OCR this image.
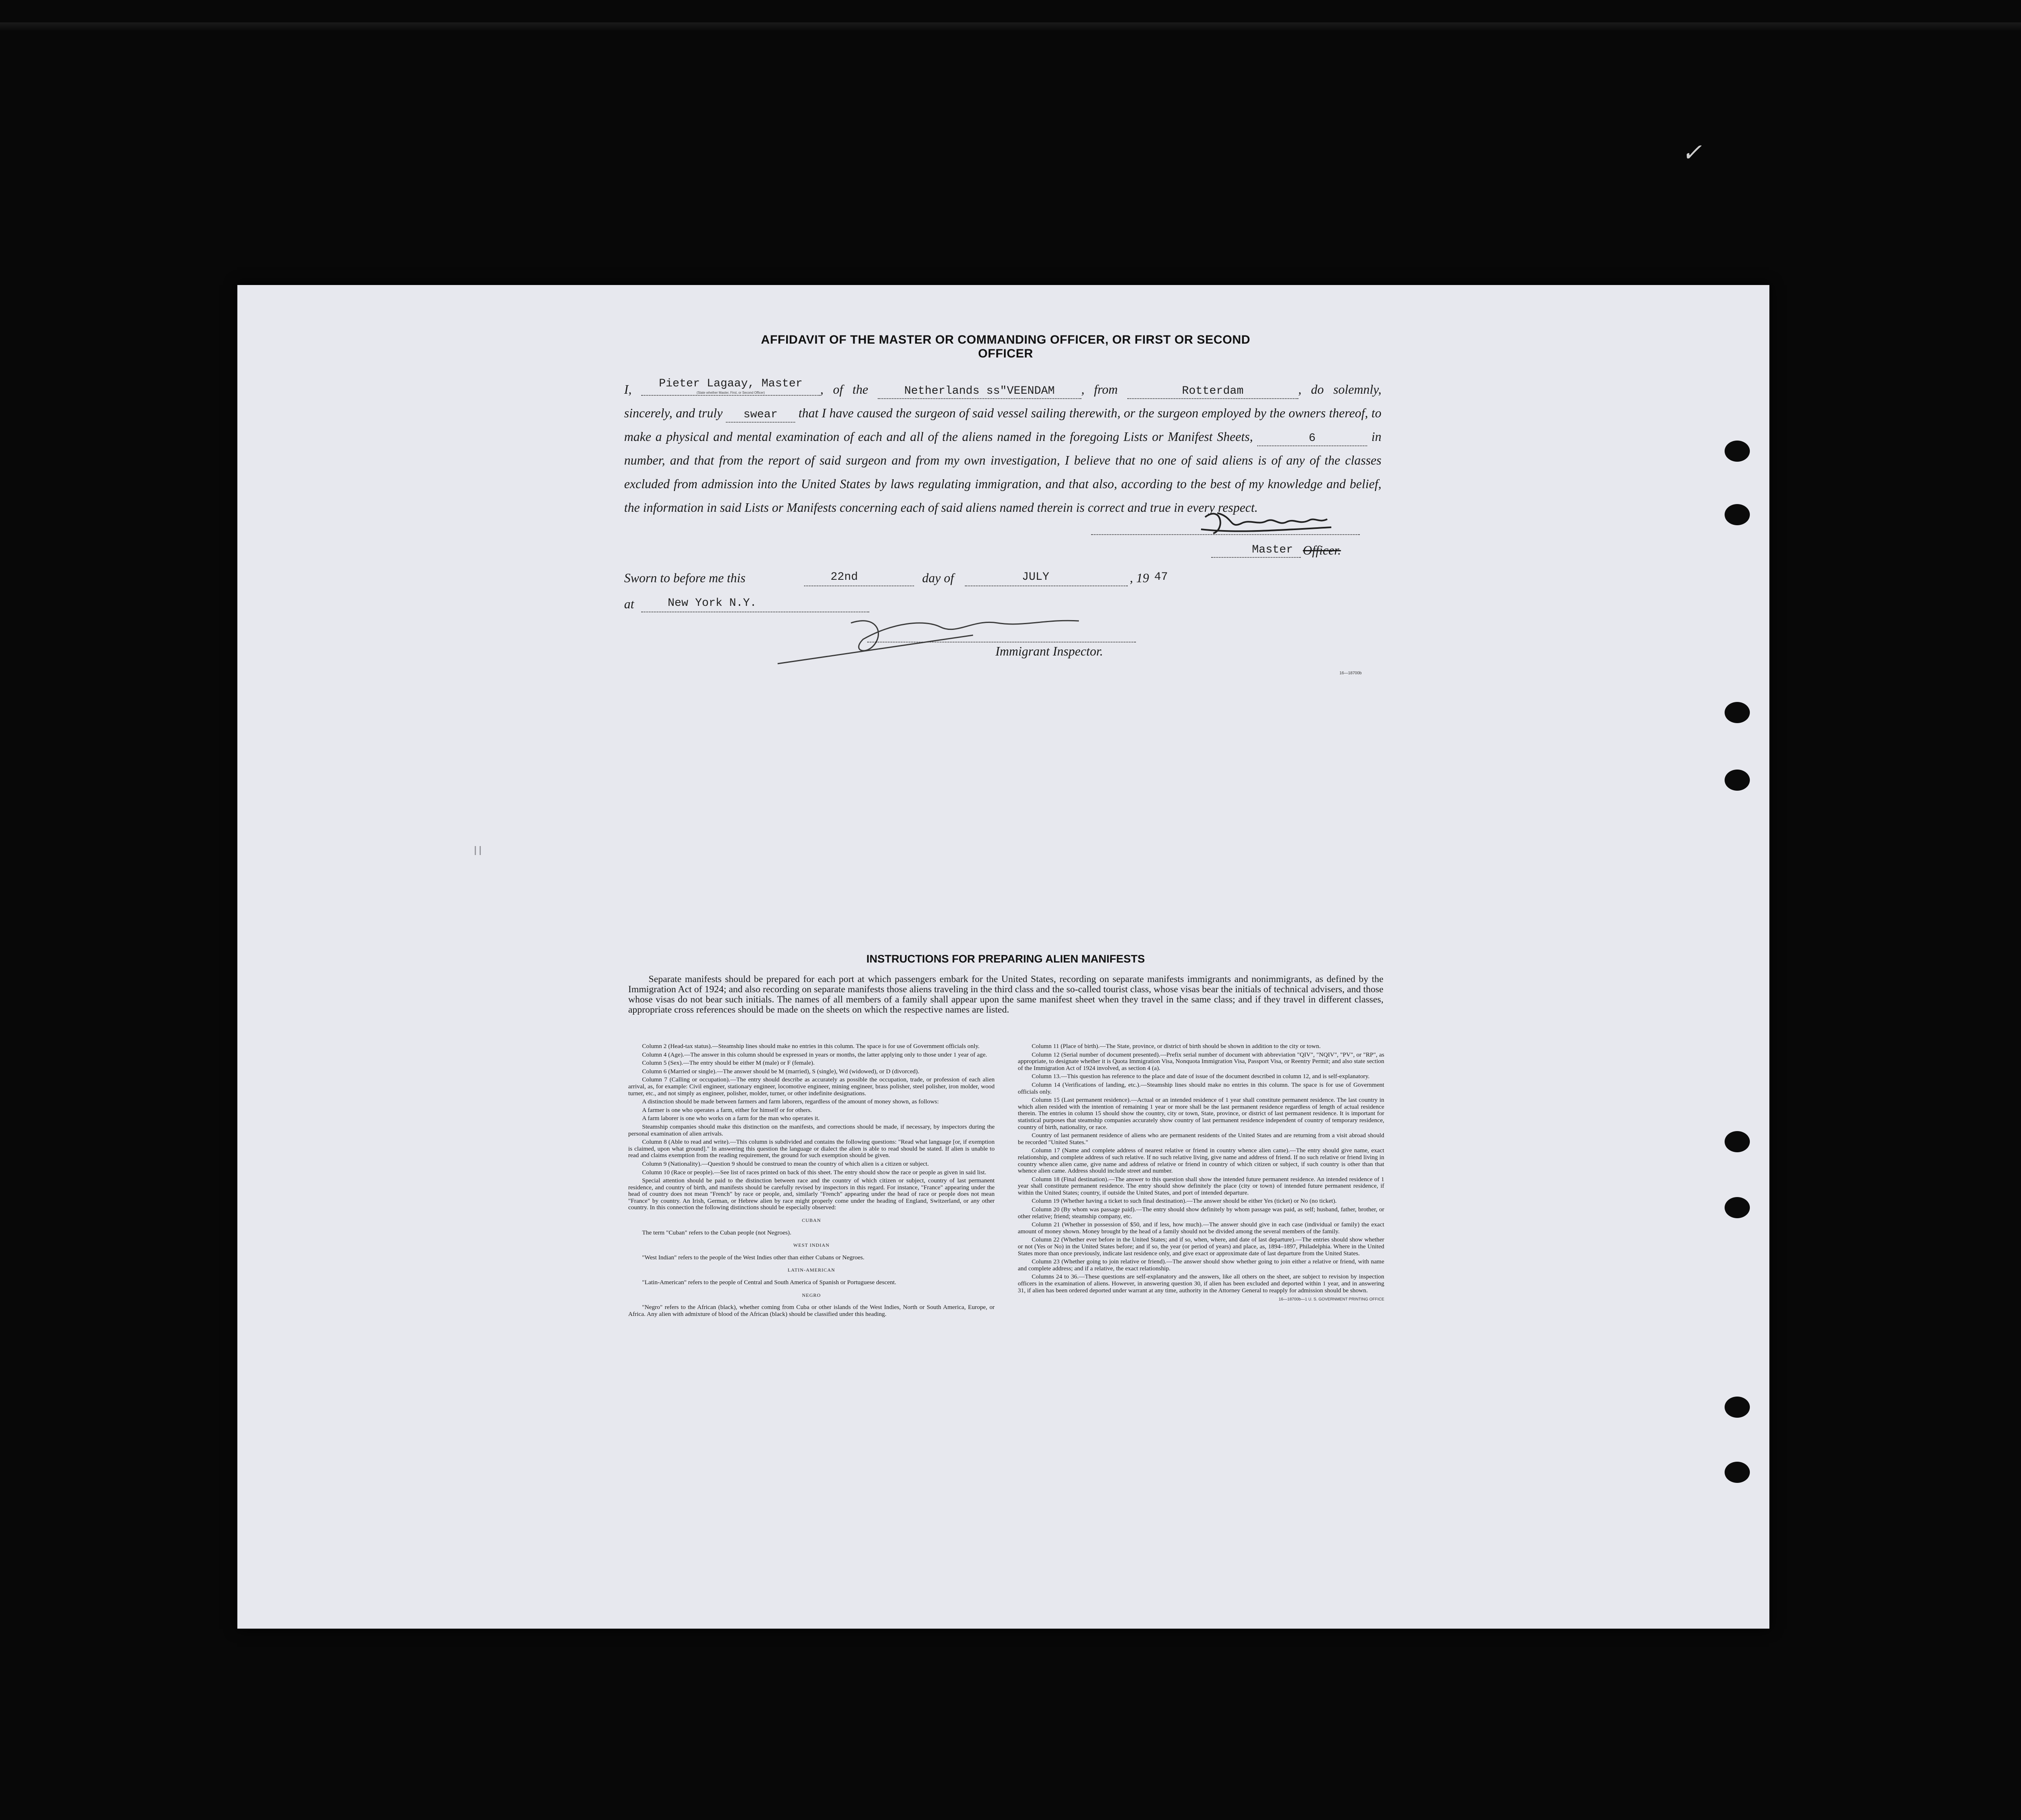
✓
AFFIDAVIT OF THE MASTER OR COMMANDING OFFICER, OR FIRST OR SECOND OFFICER
I, Pieter Lagaay, Master
(State whether Master, First, or Second Officer)	, of the	Netherlands ss"VEENDAM , from	Rotterdam	, do solemnly, sincerely, and truly swear that I have caused the surgeon of said vessel sailing therewith, or the surgeon employed by the owners thereof, to make a physical and mental examination of each and all of the aliens named in the foregoing Lists or Manifest Sheets,	6	in number, and that from the report of said surgeon and from my own investigation, I believe that no one of said aliens is of any of the classes excluded from admission into the United States by laws regulating immigration, and that also, according to the best of my knowledge and belief, the information in said Lists or Manifests concerning each of said aliens named therein is correct and true in every respect.
Master Officer.
Sworn to before me this	22nd	day of	JULY	, 19 47
at	New York N.Y.
Immigrant Inspector.
16—18700b
INSTRUCTIONS FOR PREPARING ALIEN MANIFESTS

Separate manifests should be prepared for each port at which passengers embark for the United States, recording on separate manifests immigrants and nonimmigrants, as defined by the Immigration Act of 1924; and also recording on separate manifests those aliens traveling in the third class and the so-called tourist class, whose visas bear the initials of technical advisers, and those whose visas do not bear such initials. The names of all members of a family shall appear upon the same manifest sheet when they travel in the same class; and if they travel in different classes, appropriate cross references should be made on the sheets on which the respective names are listed.

Column 2 (Head-tax status).—Steamship lines should make no entries in this column. The space is for use of Government officials only.

Column 4 (Age).—The answer in this column should be expressed in years or months, the latter applying only to those under 1 year of age.

Column 5 (Sex).—The entry should be either M (male) or F (female).

Column 6 (Married or single).—The answer should be M (married), S (single), Wd (widowed), or D (divorced).

Column 7 (Calling or occupation).—The entry should describe as accurately as possible the occupation, trade, or profession of each alien arrival, as, for example: Civil engineer, stationary engineer, locomotive engineer, mining engineer, brass polisher, steel polisher, iron molder, wood turner, etc., and not simply as engineer, polisher, molder, turner, or other indefinite designations.

A distinction should be made between farmers and farm laborers, regardless of the amount of money shown, as follows:

A farmer is one who operates a farm, either for himself or for others.

A farm laborer is one who works on a farm for the man who operates it.

Steamship companies should make this distinction on the manifests, and corrections should be made, if necessary, by inspectors during the personal examination of alien arrivals.

Column 8 (Able to read and write).—This column is subdivided and contains the following questions: "Read what language [or, if exemption is claimed, upon what ground]." In answering this question the language or dialect the alien is able to read should be stated. If alien is unable to read and claims exemption from the reading requirement, the ground for such exemption should be given.

Column 9 (Nationality).—Question 9 should be construed to mean the country of which alien is a citizen or subject.

Column 10 (Race or people).—See list of races printed on back of this sheet. The entry should show the race or people as given in said list.

Special attention should be paid to the distinction between race and the country of which citizen or subject, country of last permanent residence, and country of birth, and manifests should be carefully revised by inspectors in this regard. For instance, "France" appearing under the head of country does not mean "French" by race or people, and, similarly "French" appearing under the head of race or people does not mean "France" by country. An Irish, German, or Hebrew alien by race might properly come under the heading of England, Switzerland, or any other country. In this connection the following distinctions should be especially observed:

CUBAN

The term "Cuban" refers to the Cuban people (not Negroes).

WEST INDIAN

"West Indian" refers to the people of the West Indies other than either Cubans or Negroes.

LATIN-AMERICAN

"Latin-American" refers to the people of Central and South America of Spanish or Portuguese descent.

NEGRO

"Negro" refers to the African (black), whether coming from Cuba or other islands of the West Indies, North or South America, Europe, or Africa. Any alien with admixture of blood of the African (black) should be classified under this heading.

Column 11 (Place of birth).—The State, province, or district of birth should be shown in addition to the city or town.

Column 12 (Serial number of document presented).—Prefix serial number of document with abbreviation "QIV", "NQIV", "PV", or "RP", as appropriate, to designate whether it is Quota Immigration Visa, Nonquota Immigration Visa, Passport Visa, or Reentry Permit; and also state section of the Immigration Act of 1924 involved, as section 4 (a).

Column 13.—This question has reference to the place and date of issue of the document described in column 12, and is self-explanatory.

Column 14 (Verifications of landing, etc.).—Steamship lines should make no entries in this column. The space is for use of Government officials only.

Column 15 (Last permanent residence).—Actual or an intended residence of 1 year shall constitute permanent residence. The last country in which alien resided with the intention of remaining 1 year or more shall be the last permanent residence regardless of length of actual residence therein. The entries in column 15 should show the country, city or town, State, province, or district of last permanent residence. It is important for statistical purposes that steamship companies accurately show country of last permanent residence independent of country of temporary residence, country of birth, nationality, or race.

Country of last permanent residence of aliens who are permanent residents of the United States and are returning from a visit abroad should be recorded "United States."

Column 17 (Name and complete address of nearest relative or friend in country whence alien came).—The entry should give name, exact relationship, and complete address of such relative. If no such relative living, give name and address of friend. If no such relative or friend living in country whence alien came, give name and address of relative or friend in country of which citizen or subject, if such country is other than that whence alien came. Address should include street and number.

Column 18 (Final destination).—The answer to this question shall show the intended future permanent residence. An intended residence of 1 year shall constitute permanent residence. The entry should show definitely the place (city or town) of intended future permanent residence, if within the United States; country, if outside the United States, and port of intended departure.

Column 19 (Whether having a ticket to such final destination).—The answer should be either Yes (ticket) or No (no ticket).

Column 20 (By whom was passage paid).—The entry should show definitely by whom passage was paid, as self; husband, father, brother, or other relative; friend; steamship company, etc.

Column 21 (Whether in possession of $50, and if less, how much).—The answer should give in each case (individual or family) the exact amount of money shown. Money brought by the head of a family should not be divided among the several members of the family.

Column 22 (Whether ever before in the United States; and if so, when, where, and date of last departure).—The entries should show whether or not (Yes or No) in the United States before; and if so, the year (or period of years) and place, as, 1894–1897, Philadelphia. Where in the United States more than once previously, indicate last residence only, and give exact or approximate date of last departure from the United States.

Column 23 (Whether going to join relative or friend).—The answer should show whether going to join either a relative or friend, with name and complete address; and if a relative, the exact relationship.

Columns 24 to 36.—These questions are self-explanatory and the answers, like all others on the sheet, are subject to revision by inspection officers in the examination of aliens. However, in answering question 30, if alien has been excluded and deported within 1 year, and in answering 31, if alien has been ordered deported under warrant at any time, authority in the Attorney General to reapply for admission should be shown.

16—18700b—1 U. S. GOVERNMENT PRINTING OFFICE
